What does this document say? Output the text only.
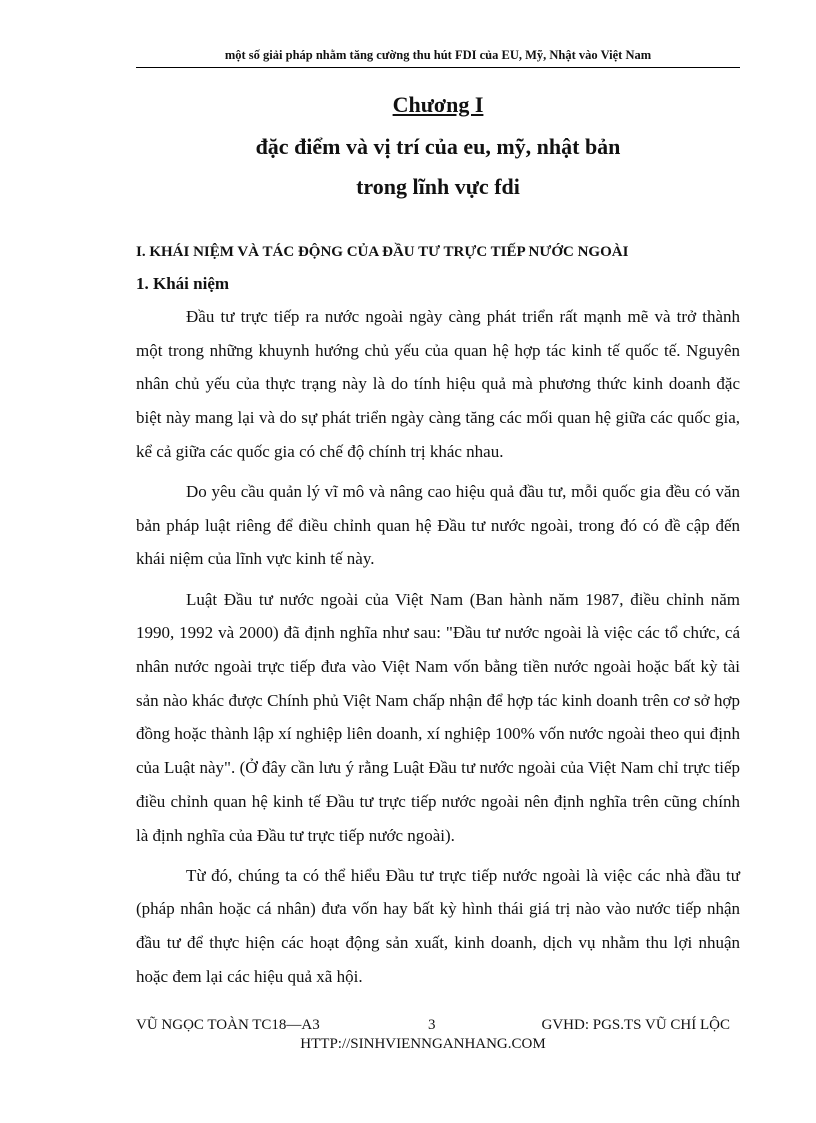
một số giải pháp nhằm tăng cường thu hút FDI của EU, Mỹ, Nhật vào Việt Nam
Chương I
đặc điểm và vị trí của eu, mỹ, nhật bản
trong lĩnh vực fdi
I. KHÁI NIỆM VÀ TÁC ĐỘNG CỦA ĐẦU TƯ TRỰC TIẾP NƯỚC NGOÀI
1. Khái niệm

Đầu tư trực tiếp ra nước ngoài ngày càng phát triển rất mạnh mẽ và trở thành một trong những khuynh hướng chủ yếu của quan hệ hợp tác kinh tế quốc tế. Nguyên nhân chủ yếu của thực trạng này là do tính hiệu quả mà phương thức kinh doanh đặc biệt này mang lại và do sự phát triển ngày càng tăng các mối quan hệ giữa các quốc gia, kể cả giữa các quốc gia có chế độ chính trị khác nhau.

Do yêu cầu quản lý vĩ mô và nâng cao hiệu quả đầu tư, mỗi quốc gia đều có văn bản pháp luật riêng để điều chỉnh quan hệ Đầu tư nước ngoài, trong đó có đề cập đến khái niệm của lĩnh vực kinh tế này.

Luật Đầu tư nước ngoài của Việt Nam (Ban hành năm 1987, điều chỉnh năm 1990, 1992 và 2000) đã định nghĩa như sau: "Đầu tư nước ngoài là việc các tổ chức, cá nhân nước ngoài trực tiếp đưa vào Việt Nam vốn bằng tiền nước ngoài hoặc bất kỳ tài sản nào khác được Chính phủ Việt Nam chấp nhận để hợp tác kinh doanh trên cơ sở hợp đồng hoặc thành lập xí nghiệp liên doanh, xí nghiệp 100% vốn nước ngoài theo qui định của Luật này". (Ở đây cần lưu ý rằng Luật Đầu tư nước ngoài của Việt Nam chỉ trực tiếp điều chỉnh quan hệ kinh tế Đầu tư trực tiếp nước ngoài nên định nghĩa trên cũng chính là định nghĩa của Đầu tư trực tiếp nước ngoài).

Từ đó, chúng ta có thể hiểu Đầu tư trực tiếp nước ngoài là việc các nhà đầu tư (pháp nhân hoặc cá nhân) đưa vốn hay bất kỳ hình thái giá trị nào vào nước tiếp nhận đầu tư để thực hiện các hoạt động sản xuất, kinh doanh, dịch vụ nhằm thu lợi nhuận hoặc đem lại các hiệu quả xã hội.

VŨ NGỌC TOÀN TC18—A3	3	GVHD: PGS.TS VŨ CHÍ LỘC
HTTP://SINHVIENNGANHANG.COM
